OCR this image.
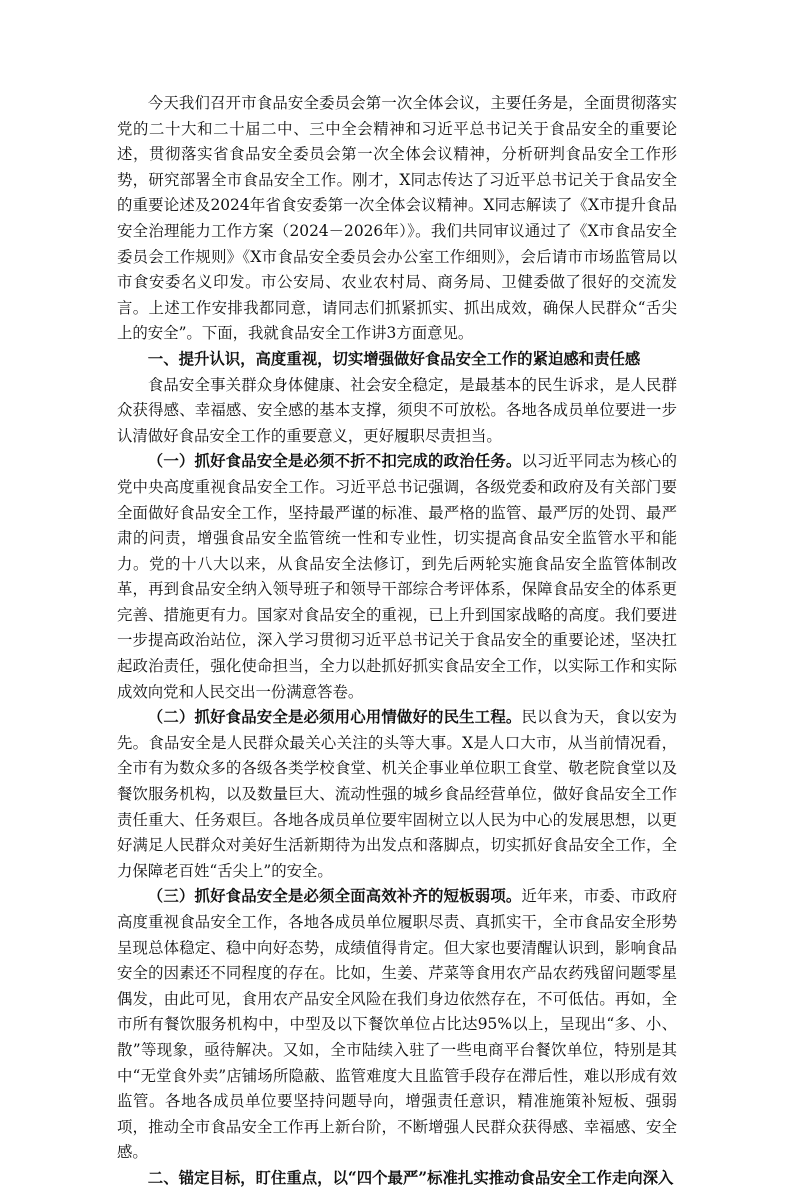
今天我们召开市食品安全委员会第一次全体会议，主要任务是，全面贯彻落实党的二十大和二十届二中、三中全会精神和习近平总书记关于食品安全的重要论述，贯彻落实省食品安全委员会第一次全体会议精神，分析研判食品安全工作形势，研究部署全市食品安全工作。刚才，X同志传达了习近平总书记关于食品安全的重要论述及2024年省食安委第一次全体会议精神。X同志解读了《X市提升食品安全治理能力工作方案（2024－2026年）》。我们共同审议通过了《X市食品安全委员会工作规则》《X市食品安全委员会办公室工作细则》，会后请市市场监管局以市食安委名义印发。市公安局、农业农村局、商务局、卫健委做了很好的交流发言。上述工作安排我都同意，请同志们抓紧抓实、抓出成效，确保人民群众“舌尖上的安全”。下面，我就食品安全工作讲3方面意见。

一、提升认识，高度重视，切实增强做好食品安全工作的紧迫感和责任感

食品安全事关群众身体健康、社会安全稳定，是最基本的民生诉求，是人民群众获得感、幸福感、安全感的基本支撑，须臾不可放松。各地各成员单位要进一步认清做好食品安全工作的重要意义，更好履职尽责担当。

（一）抓好食品安全是必须不折不扣完成的政治任务。以习近平同志为核心的党中央高度重视食品安全工作。习近平总书记强调，各级党委和政府及有关部门要全面做好食品安全工作，坚持最严谨的标准、最严格的监管、最严厉的处罚、最严肃的问责，增强食品安全监管统一性和专业性，切实提高食品安全监管水平和能力。党的十八大以来，从食品安全法修订，到先后两轮实施食品安全监管体制改革，再到食品安全纳入领导班子和领导干部综合考评体系，保障食品安全的体系更完善、措施更有力。国家对食品安全的重视，已上升到国家战略的高度。我们要进一步提高政治站位，深入学习贯彻习近平总书记关于食品安全的重要论述，坚决扛起政治责任，强化使命担当，全力以赴抓好抓实食品安全工作，以实际工作和实际成效向党和人民交出一份满意答卷。

（二）抓好食品安全是必须用心用情做好的民生工程。民以食为天，食以安为先。食品安全是人民群众最关心关注的头等大事。X是人口大市，从当前情况看，全市有为数众多的各级各类学校食堂、机关企事业单位职工食堂、敬老院食堂以及餐饮服务机构，以及数量巨大、流动性强的城乡食品经营单位，做好食品安全工作责任重大、任务艰巨。各地各成员单位要牢固树立以人民为中心的发展思想，以更好满足人民群众对美好生活新期待为出发点和落脚点，切实抓好食品安全工作，全力保障老百姓“舌尖上”的安全。

（三）抓好食品安全是必须全面高效补齐的短板弱项。近年来，市委、市政府高度重视食品安全工作，各地各成员单位履职尽责、真抓实干，全市食品安全形势呈现总体稳定、稳中向好态势，成绩值得肯定。但大家也要清醒认识到，影响食品安全的因素还不同程度的存在。比如，生姜、芹菜等食用农产品农药残留问题零星偶发，由此可见，食用农产品安全风险在我们身边依然存在，不可低估。再如，全市所有餐饮服务机构中，中型及以下餐饮单位占比达95%以上，呈现出“多、小、散”等现象，亟待解决。又如，全市陆续入驻了一些电商平台餐饮单位，特别是其中“无堂食外卖”店铺场所隐蔽、监管难度大且监管手段存在滞后性，难以形成有效监管。各地各成员单位要坚持问题导向，增强责任意识，精准施策补短板、强弱项，推动全市食品安全工作再上新台阶，不断增强人民群众获得感、幸福感、安全感。

二、锚定目标，盯住重点，以“四个最严”标准扎实推动食品安全工作走向深入
